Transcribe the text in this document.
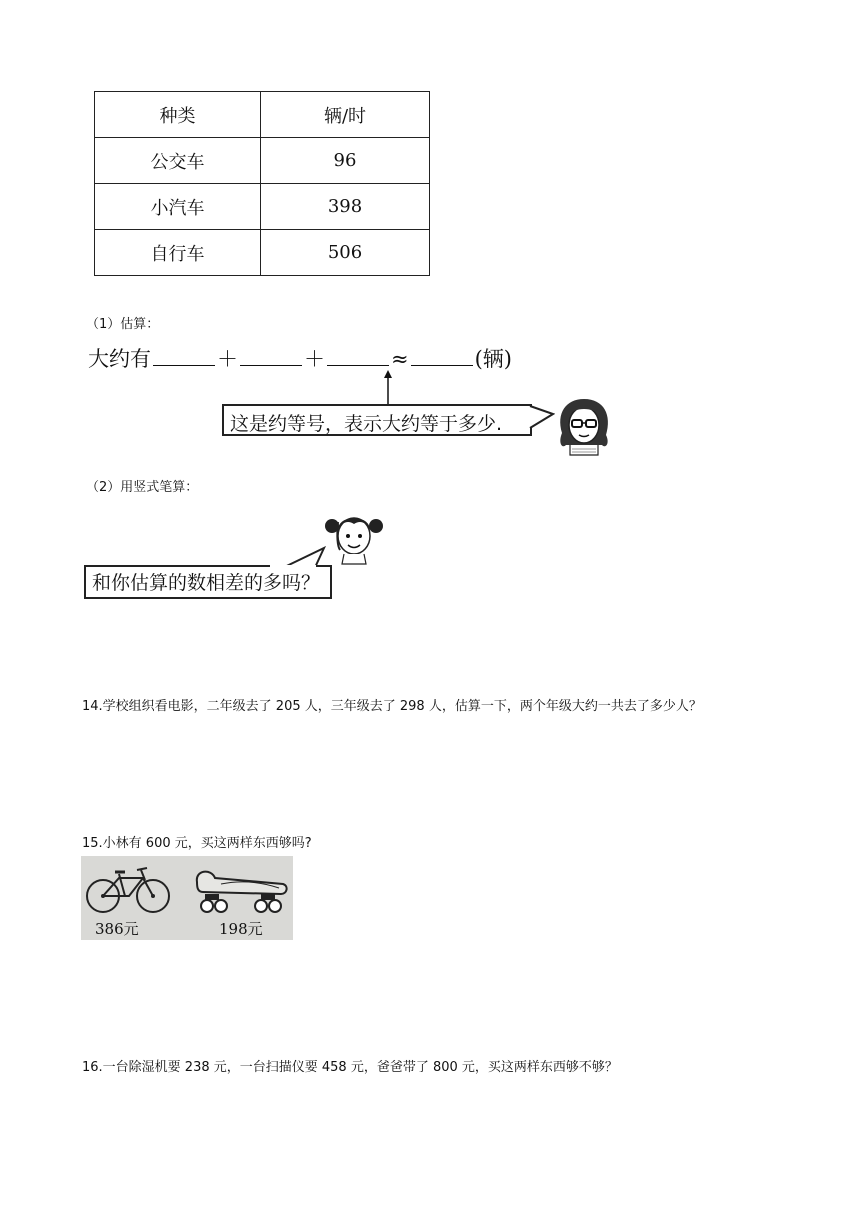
种类	辆/时
公交车	96
小汽车	398
自行车	506
（1）估算：
大约有	＋	＋	≈	(辆)
这是约等号，表示大约等于多少.
（2）用竖式笔算：
和你估算的数相差的多吗？
14.学校组织看电影，二年级去了 205 人，三年级去了 298 人，估算一下，两个年级大约一共去了多少人？
15.小林有 600 元，买这两样东西够吗?
386元	198元
16.一台除湿机要 238 元，一台扫描仪要 458 元，爸爸带了 800 元，买这两样东西够不够？
